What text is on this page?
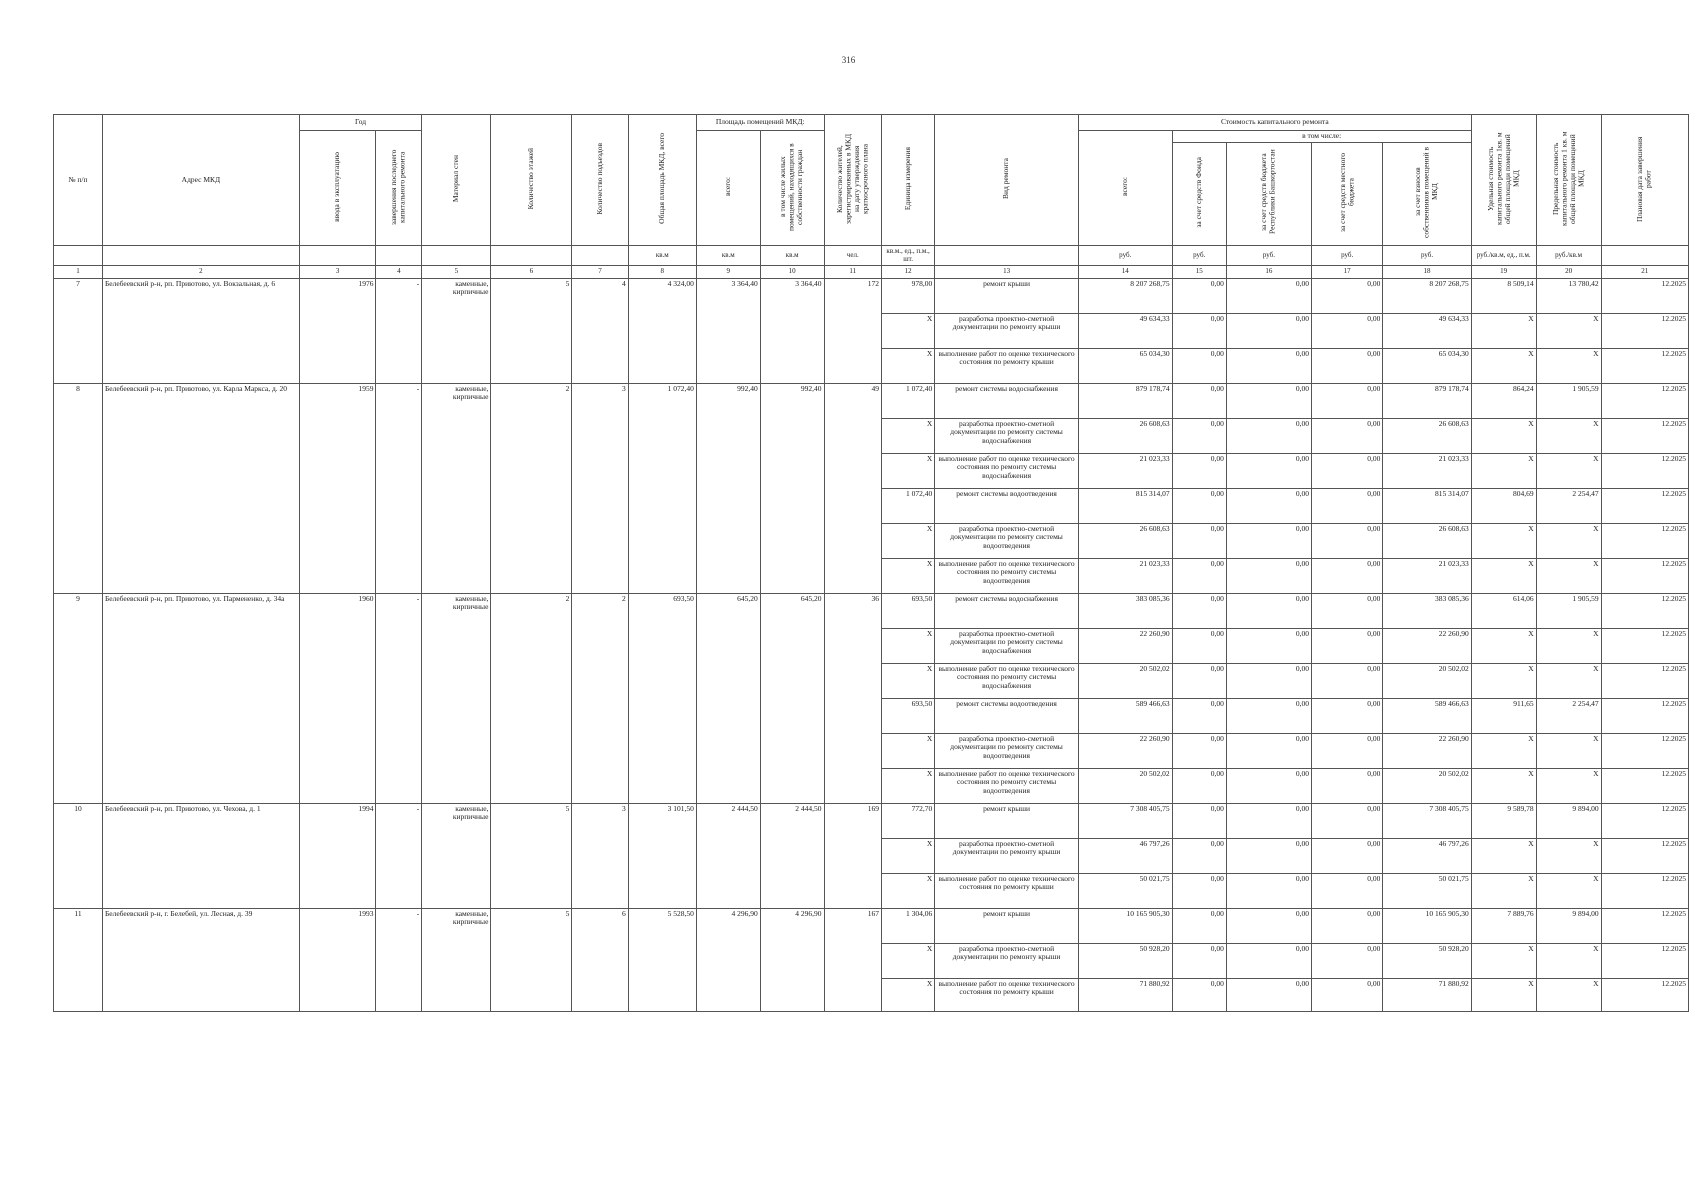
316
№ п/п	Адрес МКД	Год		Материал стен	Количество этажей	Количество подъездов	Общая площадь МКД, всего	Площадь помещений МКД:		Количество жителей, зарегистрированных в МКД на дату утверждения краткосрочного плана	Единица измерения	Вид ремонта	Стоимость капитального ремонта					Удельная стоимость капитального ремонта 1кв. м общей площади помещений МКД	Предельная стоимость капитального ремонта 1 кв. м общей площади помещений МКД	Плановая дата завершения работ
		ввода в эксплуатацию	завершения последнего капитального ремонта					всего:	в том числе жилых помещений, находящихся в собственности граждан				всего:	в том числе:						
														за счет средств Фонда	за счет средств бюджета Республики Башкортостан	за счет средств местного бюджета	за счет взносов собственников помещений в МКД			
							кв.м	кв.м	кв.м	чел.	кв.м., ед., п.м., шт.		руб.	руб.	руб.	руб.	руб.	руб./кв.м, ед., п.м.	руб./кв.м	
1	2	3	4	5	6	7	8	9	10	11	12	13	14	15	16	17	18	19	20	21
7	Белебеевский р-н, рп. Приютово, ул. Вокзальная, д. 6	1976	-	каменные, кирпичные	5	4	4 324,00	3 364,40	3 364,40	172	978,00	ремонт крыши	8 207 268,75	0,00	0,00	0,00	8 207 268,75	8 509,14	13 780,42	12.2025
											X	разработка проектно-сметной документации по ремонту крыши	49 634,33	0,00	0,00	0,00	49 634,33	X	X	12.2025
											X	выполнение работ по оценке технического состояния по ремонту крыши	65 034,30	0,00	0,00	0,00	65 034,30	X	X	12.2025
8	Белебеевский р-н, рп. Приютово, ул. Карла Маркса, д. 20	1959	-	каменные, кирпичные	2	3	1 072,40	992,40	992,40	49	1 072,40	ремонт системы водоснабжения	879 178,74	0,00	0,00	0,00	879 178,74	864,24	1 905,59	12.2025
											X	разработка проектно-сметной документации по ремонту системы водоснабжения	26 608,63	0,00	0,00	0,00	26 608,63	X	X	12.2025
											X	выполнение работ по оценке технического состояния по ремонту системы водоснабжения	21 023,33	0,00	0,00	0,00	21 023,33	X	X	12.2025
											1 072,40	ремонт системы водоотведения	815 314,07	0,00	0,00	0,00	815 314,07	804,69	2 254,47	12.2025
											X	разработка проектно-сметной документации по ремонту системы водоотведения	26 608,63	0,00	0,00	0,00	26 608,63	X	X	12.2025
											X	выполнение работ по оценке технического состояния по ремонту системы водоотведения	21 023,33	0,00	0,00	0,00	21 023,33	X	X	12.2025
9	Белебеевский р-н, рп. Приютово, ул. Пармененко, д. 34а	1960	-	каменные, кирпичные	2	2	693,50	645,20	645,20	36	693,50	ремонт системы водоснабжения	383 085,36	0,00	0,00	0,00	383 085,36	614,06	1 905,59	12.2025
											X	разработка проектно-сметной документации по ремонту системы водоснабжения	22 260,90	0,00	0,00	0,00	22 260,90	X	X	12.2025
											X	выполнение работ по оценке технического состояния по ремонту системы водоснабжения	20 502,02	0,00	0,00	0,00	20 502,02	X	X	12.2025
											693,50	ремонт системы водоотведения	589 466,63	0,00	0,00	0,00	589 466,63	911,65	2 254,47	12.2025
											X	разработка проектно-сметной документации по ремонту системы водоотведения	22 260,90	0,00	0,00	0,00	22 260,90	X	X	12.2025
											X	выполнение работ по оценке технического состояния по ремонту системы водоотведения	20 502,02	0,00	0,00	0,00	20 502,02	X	X	12.2025
10	Белебеевский р-н, рп. Приютово, ул. Чехова, д. 1	1994	-	каменные, кирпичные	5	3	3 101,50	2 444,50	2 444,50	169	772,70	ремонт крыши	7 308 405,75	0,00	0,00	0,00	7 308 405,75	9 589,78	9 894,00	12.2025
											X	разработка проектно-сметной документации по ремонту крыши	46 797,26	0,00	0,00	0,00	46 797,26	X	X	12.2025
											X	выполнение работ по оценке технического состояния по ремонту крыши	50 021,75	0,00	0,00	0,00	50 021,75	X	X	12.2025
11	Белебеевский р-н, г. Белебей, ул. Лесная, д. 39	1993	-	каменные, кирпичные	5	6	5 528,50	4 296,90	4 296,90	167	1 304,06	ремонт крыши	10 165 905,30	0,00	0,00	0,00	10 165 905,30	7 889,76	9 894,00	12.2025
											X	разработка проектно-сметной документации по ремонту крыши	50 928,20	0,00	0,00	0,00	50 928,20	X	X	12.2025
											X	выполнение работ по оценке технического состояния по ремонту крыши	71 880,92	0,00	0,00	0,00	71 880,92	X	X	12.2025
